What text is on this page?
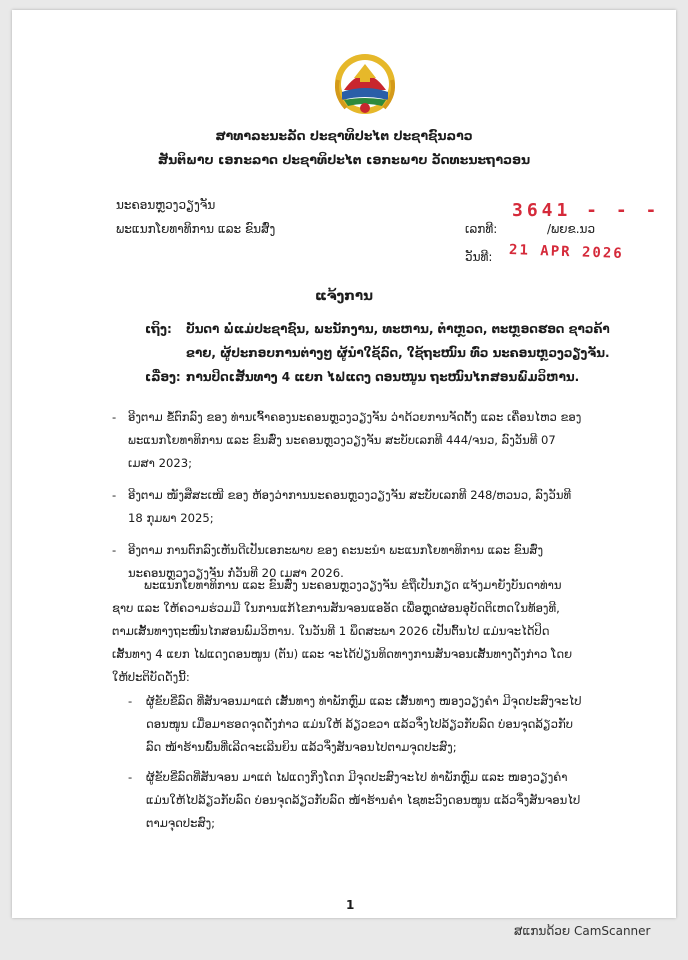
ສາທາລະນະລັດ ປະຊາທິປະໄຕ ປະຊາຊົນລາວ
ສັນຕິພາບ ເອກະລາດ ປະຊາທິປະໄຕ ເອກະພາບ ວັດທະນະຖາວອນ
ນະຄອນຫຼວງວຽງຈັນ
ພະແນກໂຍທາທິການ ແລະ ຂົນສົ່ງ
3641 - - -
ເລກທີ:	/ພຍຂ.ນວ
ວັນທີ: 21 APR 2026
ແຈ້ງການ
ເຖິງ: ບັນດາ ພໍ່ແມ່ປະຊາຊົນ, ພະນັກງານ, ທະຫານ, ຕຳຫຼວດ, ຕະຫຼອດຮອດ ຊາວຄ້າ
ຂາຍ, ຜູ້ປະກອບການຕ່າງໆ ຜູ້ນຳໃຊ້ລົດ, ໃຊ້ຖະໜົນ ທົ່ວ ນະຄອນຫຼວງວຽງຈັນ.
ເລື່ອງ: ການປິດເສັ້ນທາງ 4 ແຍກ ໄຟແດງ ດອນໜູນ ຖະໜົນໄກສອນພົມວິຫານ.
- ອີງຕາມ ຂໍ້ຕົກລົງ ຂອງ ທ່ານເຈົ້າຄອງນະຄອນຫຼວງວຽງຈັນ ວ່າດ້ວຍການຈັດຕັ້ງ ແລະ ເຄື່ອນໄຫວ ຂອງພະແນກໂຍທາທິການ ແລະ ຂົນສົ່ງ ນະຄອນຫຼວງວຽງຈັນ ສະບັບເລກທີ 444/ຈນວ, ລົງວັນທີ 07 ເມສາ 2023;
- ອີງຕາມ ໜັງສືສະເໜີ ຂອງ ຫ້ອງວ່າການນະຄອນຫຼວງວຽງຈັນ ສະບັບເລກທີ 248/ຫວນວ, ລົງວັນທີ 18 ກຸມພາ 2025;
- ອີງຕາມ ການຕົກລົງເຫັນດີເປັນເອກະພາບ ຂອງ ຄະນະນຳ ພະແນກໂຍທາທິການ ແລະ ຂົນສົ່ງ ນະຄອນຫຼວງວຽງຈັນ ກໍ່ວັນທີ 20 ເມສາ 2026.

ພະແນກໂຍທາທິການ ແລະ ຂົນສົ່ງ ນະຄອນຫຼວງວຽງຈັນ ຂໍຖືເປັນກຽດ ແຈ້ງມາຍັງບັນດາທ່ານ ຊາບ ແລະ ໃຫ້ຄວາມຮ່ວມມື ໃນການແກ້ໄຂການສັນຈອນແອອັດ ເພື່ອຫຼຸດຜ່ອນອຸບັດຕິເຫດໃນທ້ອງທີ, ຕາມເສັ້ນທາງຖະໜົນໄກສອນພົມວິຫານ. ໃນວັນທີ 1 ພຶດສະພາ 2026 ເປັນຕົ້ນໄປ ແມ່ນຈະໄດ້ປິດເສັ້ນທາງ 4 ແຍກ ໄຟແດງດອນໜູນ (ຕັນ) ແລະ ຈະໄດ້ປ່ຽນທິດທາງການສັນຈອນເສັ້ນທາງດັ່ງກ່າວ ໂດຍໃຫ້ປະຕິບັດດັ່ງນີ້:

- ຜູ້ຂັບຂີ່ລົດ ທີ່ສັນຈອນມາແຕ່ ເສັ້ນທາງ ທ່າພັກຫຼົມ ແລະ ເສັ້ນທາງ ໜອງວຽງຄຳ ມີຈຸດປະສົງຈະໄປ ດອນໜູນ ເມື່ອມາຮອດຈຸດດັ່ງກ່າວ ແມ່ນໃຫ້ ລ້ຽວຂວາ ແລ້ວຈຶ່ງໄປລ້ຽວກັບລົດ ບ່ອນຈຸດລ້ຽວກັບລົດ ໜ້າຮ້ານພົ້ນທີ່ເລີດຈະເລີນຍິນ ແລ້ວຈຶ່ງສັນຈອນໄປຕາມຈຸດປະສົງ;
- ຜູ້ຂັບຂີ່ລົດທີ່ສັນຈອນ ມາແຕ່ ໄຟແດງກິ່ງໂດກ ມີຈຸດປະສົງຈະໄປ ທ່າພັກຫຼົມ ແລະ ໜອງວຽງຄຳ ແມ່ນໃຫ້ໄປລ້ຽວກັບລົດ ບ່ອນຈຸດລ້ຽວກັບລົດ ໜ້າຮ້ານຄຳ ໄຊທະວົງດອນໜູນ ແລ້ວຈຶ່ງສັນຈອນໄປຕາມຈຸດປະສົງ;
1
ສແກນດ້ວຍ CamScanner
